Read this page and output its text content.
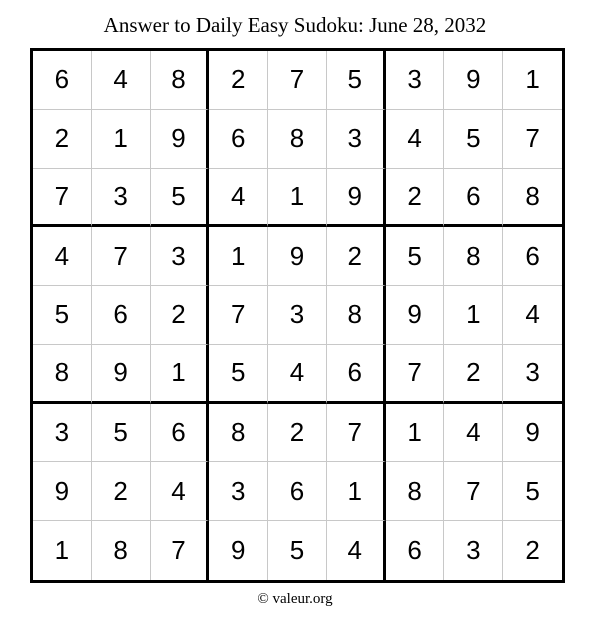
Answer to Daily Easy Sudoku: June 28, 2032
6	4	8	2	7	5	3	9	1
2	1	9	6	8	3	4	5	7
7	3	5	4	1	9	2	6	8
4	7	3	1	9	2	5	8	6
5	6	2	7	3	8	9	1	4
8	9	1	5	4	6	7	2	3
3	5	6	8	2	7	1	4	9
9	2	4	3	6	1	8	7	5
1	8	7	9	5	4	6	3	2
© valeur.org
